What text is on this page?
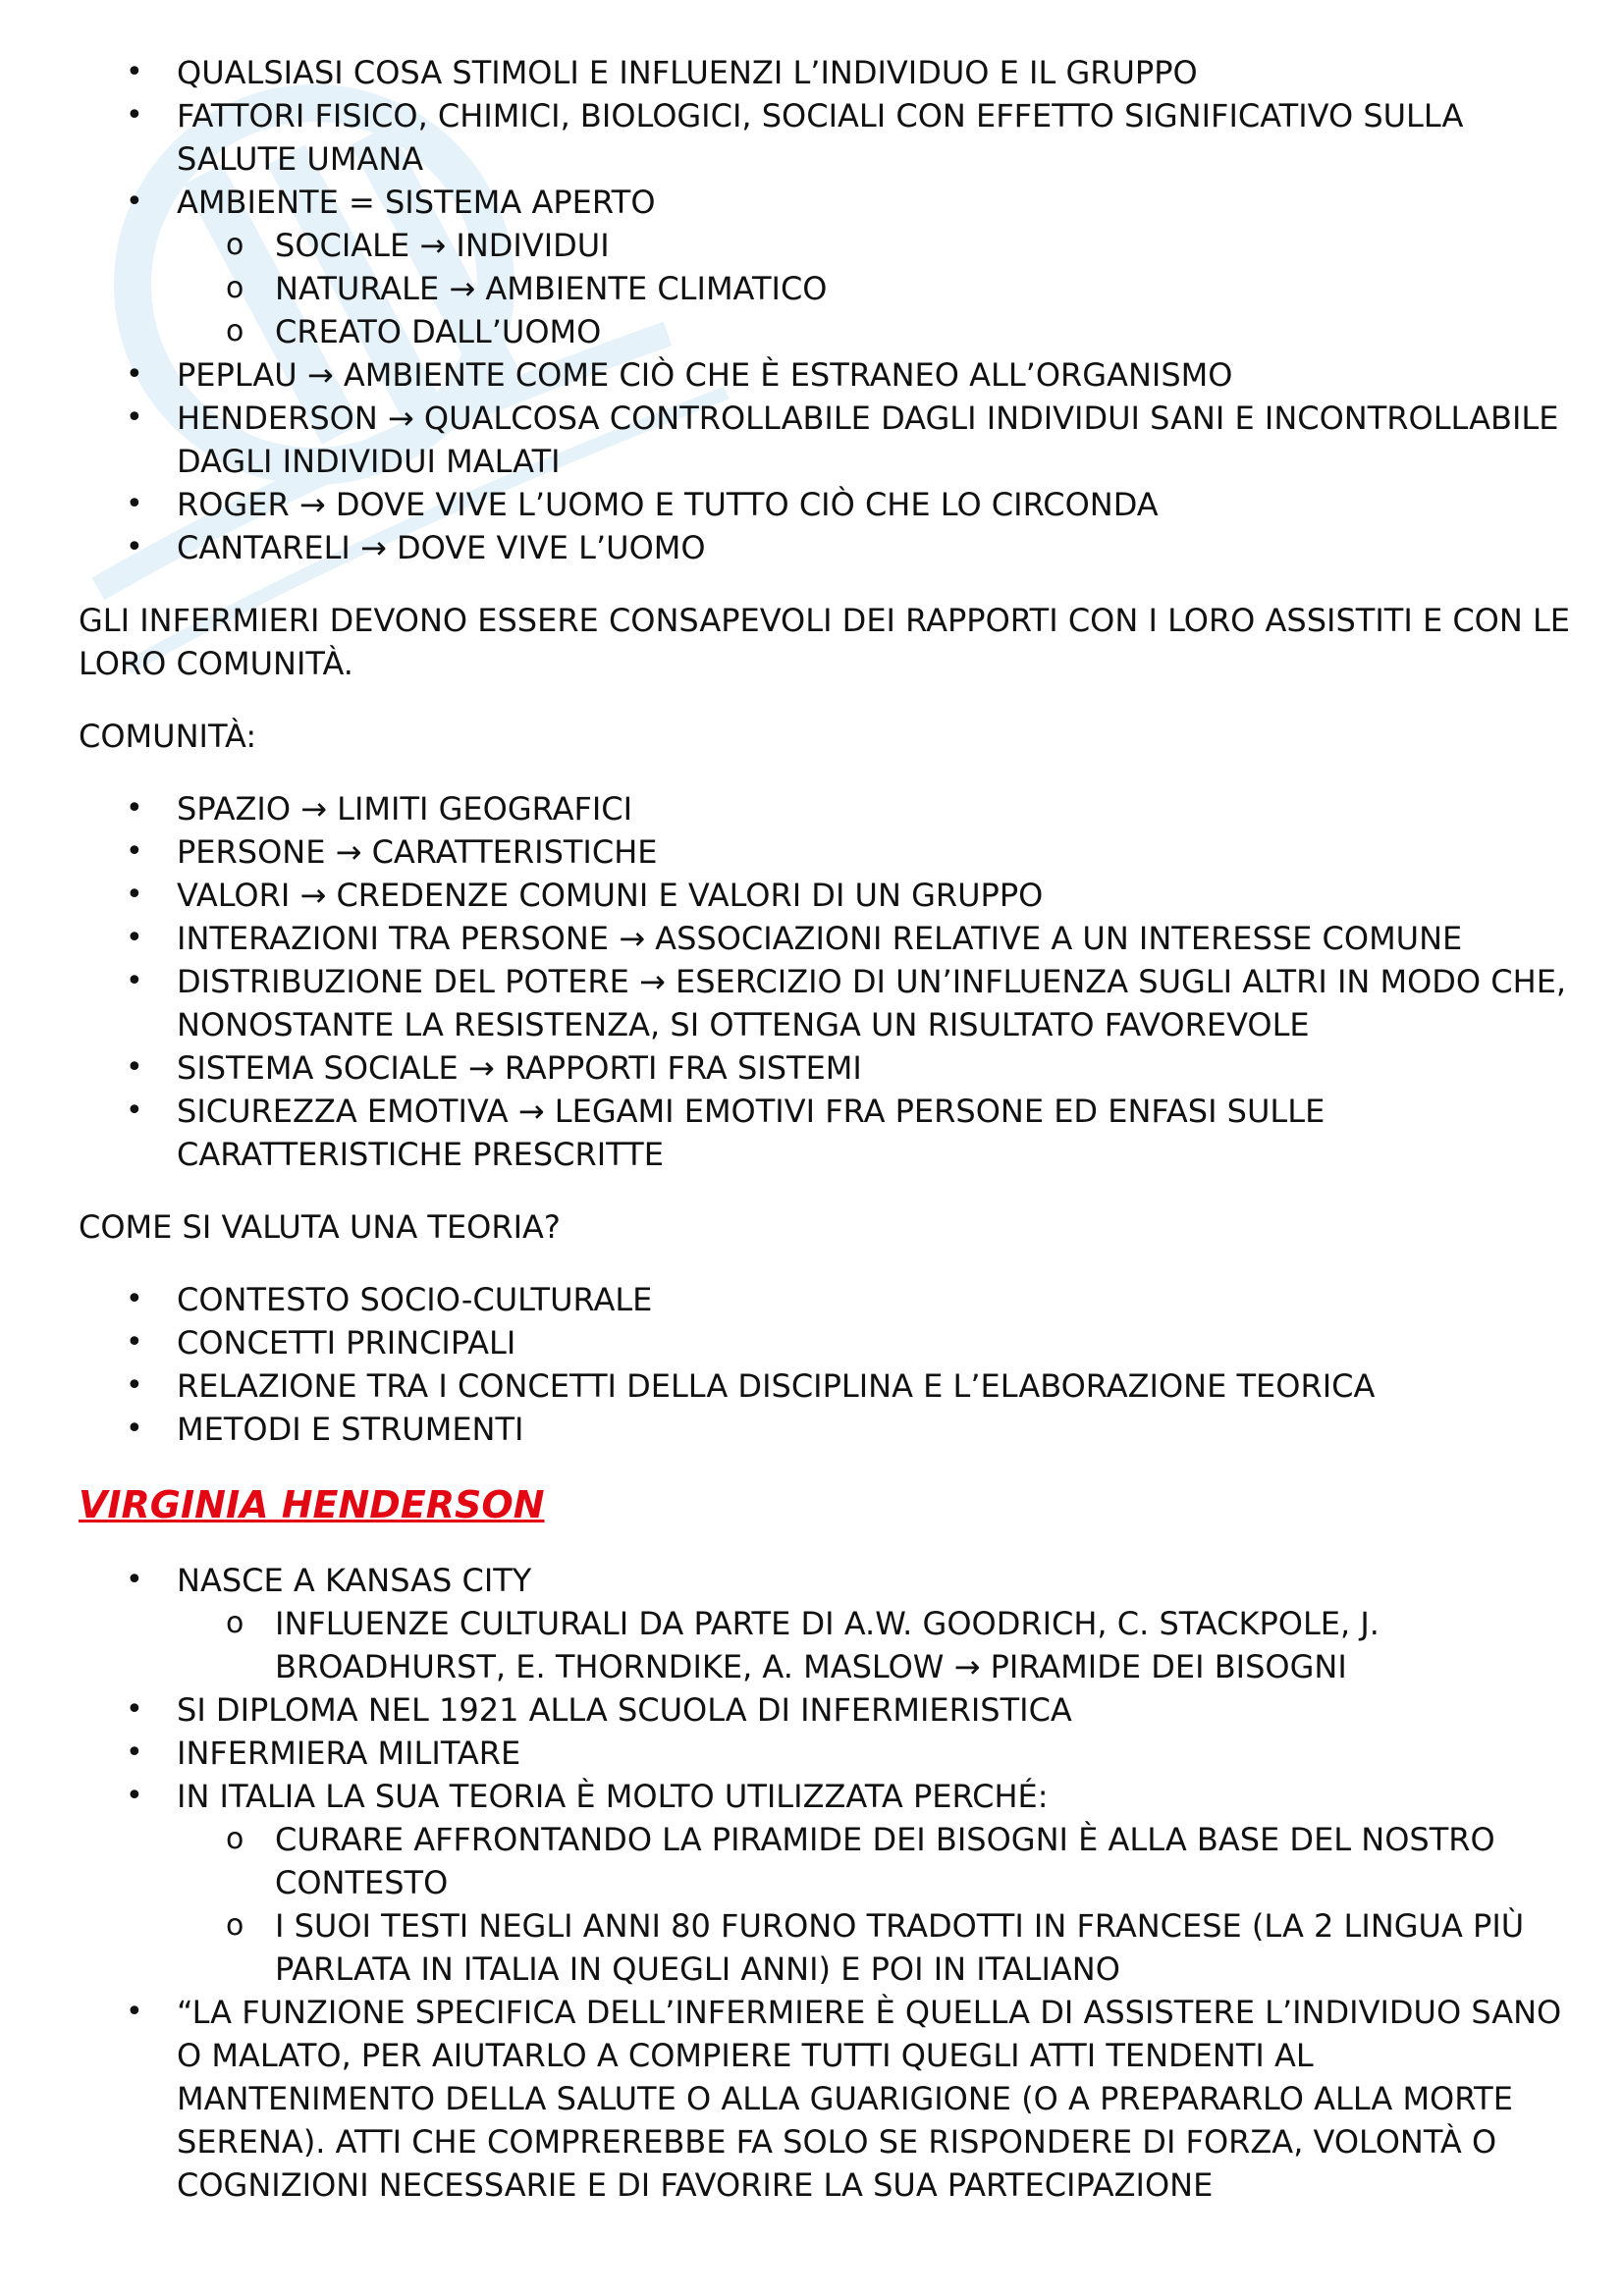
• QUALSIASI COSA STIMOLI E INFLUENZI L’INDIVIDUO E IL GRUPPO
• FATTORI FISICO, CHIMICI, BIOLOGICI, SOCIALI CON EFFETTO SIGNIFICATIVO SULLA SALUTE UMANA
• AMBIENTE = SISTEMA APERTO
o SOCIALE → INDIVIDUI
o NATURALE → AMBIENTE CLIMATICO
o CREATO DALL’UOMO
• PEPLAU → AMBIENTE COME CIÒ CHE È ESTRANEO ALL’ORGANISMO
• HENDERSON → QUALCOSA CONTROLLABILE DAGLI INDIVIDUI SANI E INCONTROLLABILE DAGLI INDIVIDUI MALATI
• ROGER → DOVE VIVE L’UOMO E TUTTO CIÒ CHE LO CIRCONDA
• CANTARELI → DOVE VIVE L’UOMO

GLI INFERMIERI DEVONO ESSERE CONSAPEVOLI DEI RAPPORTI CON I LORO ASSISTITI E CON LE LORO COMUNITÀ.

COMUNITÀ:

• SPAZIO → LIMITI GEOGRAFICI
• PERSONE → CARATTERISTICHE
• VALORI → CREDENZE COMUNI E VALORI DI UN GRUPPO
• INTERAZIONI TRA PERSONE → ASSOCIAZIONI RELATIVE A UN INTERESSE COMUNE
• DISTRIBUZIONE DEL POTERE → ESERCIZIO DI UN’INFLUENZA SUGLI ALTRI IN MODO CHE, NONOSTANTE LA RESISTENZA, SI OTTENGA UN RISULTATO FAVOREVOLE
• SISTEMA SOCIALE → RAPPORTI FRA SISTEMI
• SICUREZZA EMOTIVA → LEGAMI EMOTIVI FRA PERSONE ED ENFASI SULLE CARATTERISTICHE PRESCRITTE

COME SI VALUTA UNA TEORIA?

• CONTESTO SOCIO-CULTURALE
• CONCETTI PRINCIPALI
• RELAZIONE TRA I CONCETTI DELLA DISCIPLINA E L’ELABORAZIONE TEORICA
• METODI E STRUMENTI
VIRGINIA HENDERSON
• NASCE A KANSAS CITY
o INFLUENZE CULTURALI DA PARTE DI A.W. GOODRICH, C. STACKPOLE, J. BROADHURST, E. THORNDIKE, A. MASLOW → PIRAMIDE DEI BISOGNI
• SI DIPLOMA NEL 1921 ALLA SCUOLA DI INFERMIERISTICA
• INFERMIERA MILITARE
• IN ITALIA LA SUA TEORIA È MOLTO UTILIZZATA PERCHÉ:
o CURARE AFFRONTANDO LA PIRAMIDE DEI BISOGNI È ALLA BASE DEL NOSTRO CONTESTO
o I SUOI TESTI NEGLI ANNI 80 FURONO TRADOTTI IN FRANCESE (LA 2 LINGUA PIÙ PARLATA IN ITALIA IN QUEGLI ANNI) E POI IN ITALIANO
• “LA FUNZIONE SPECIFICA DELL’INFERMIERE È QUELLA DI ASSISTERE L’INDIVIDUO SANO O MALATO, PER AIUTARLO A COMPIERE TUTTI QUEGLI ATTI TENDENTI AL MANTENIMENTO DELLA SALUTE O ALLA GUARIGIONE (O A PREPARARLO ALLA MORTE SERENA). ATTI CHE COMPREREBBE FA SOLO SE RISPONDERE DI FORZA, VOLONTÀ O COGNIZIONI NECESSARIE E DI FAVORIRE LA SUA PARTECIPAZIONE
